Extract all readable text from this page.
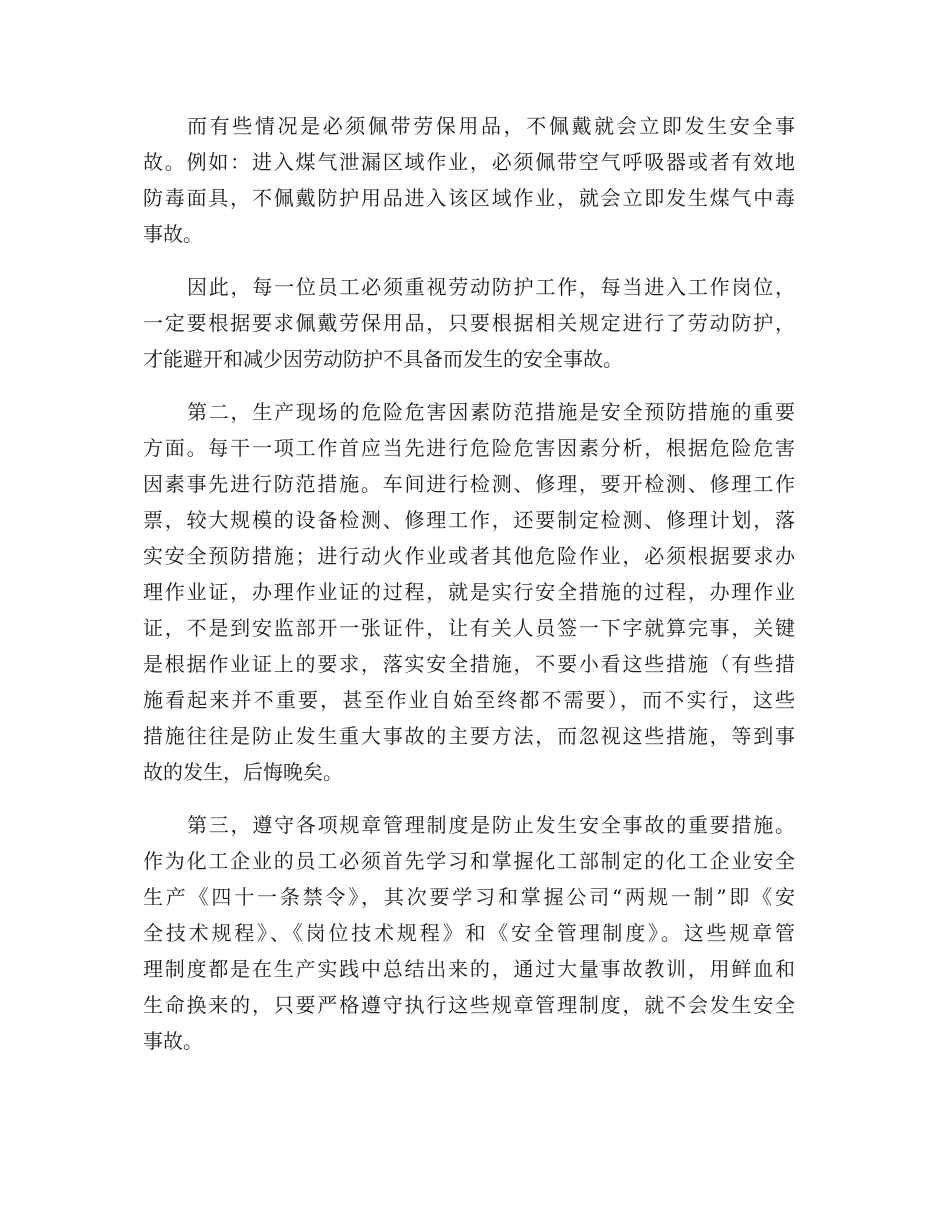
而有些情况是必须佩带劳保用品，不佩戴就会立即发生安全事
故。例如：进入煤气泄漏区域作业，必须佩带空气呼吸器或者有效地
防毒面具，不佩戴防护用品进入该区域作业，就会立即发生煤气中毒
事故。
因此，每一位员工必须重视劳动防护工作，每当进入工作岗位，
一定要根据要求佩戴劳保用品，只要根据相关规定进行了劳动防护，
才能避开和减少因劳动防护不具备而发生的安全事故。
第二，生产现场的危险危害因素防范措施是安全预防措施的重要
方面。每干一项工作首应当先进行危险危害因素分析，根据危险危害
因素事先进行防范措施。车间进行检测、修理，要开检测、修理工作
票，较大规模的设备检测、修理工作，还要制定检测、修理计划，落
实安全预防措施；进行动火作业或者其他危险作业，必须根据要求办
理作业证，办理作业证的过程，就是实行安全措施的过程，办理作业
证，不是到安监部开一张证件，让有关人员签一下字就算完事，关键
是根据作业证上的要求，落实安全措施，不要小看这些措施（有些措
施看起来并不重要，甚至作业自始至终都不需要），而不实行，这些
措施往往是防止发生重大事故的主要方法，而忽视这些措施，等到事
故的发生，后悔晚矣。
第三，遵守各项规章管理制度是防止发生安全事故的重要措施。
作为化工企业的员工必须首先学习和掌握化工部制定的化工企业安全
生产《四十一条禁令》，其次要学习和掌握公司“两规一制”即《安
全技术规程》、《岗位技术规程》和《安全管理制度》。这些规章管
理制度都是在生产实践中总结出来的，通过大量事故教训，用鲜血和
生命换来的，只要严格遵守执行这些规章管理制度，就不会发生安全
事故。
